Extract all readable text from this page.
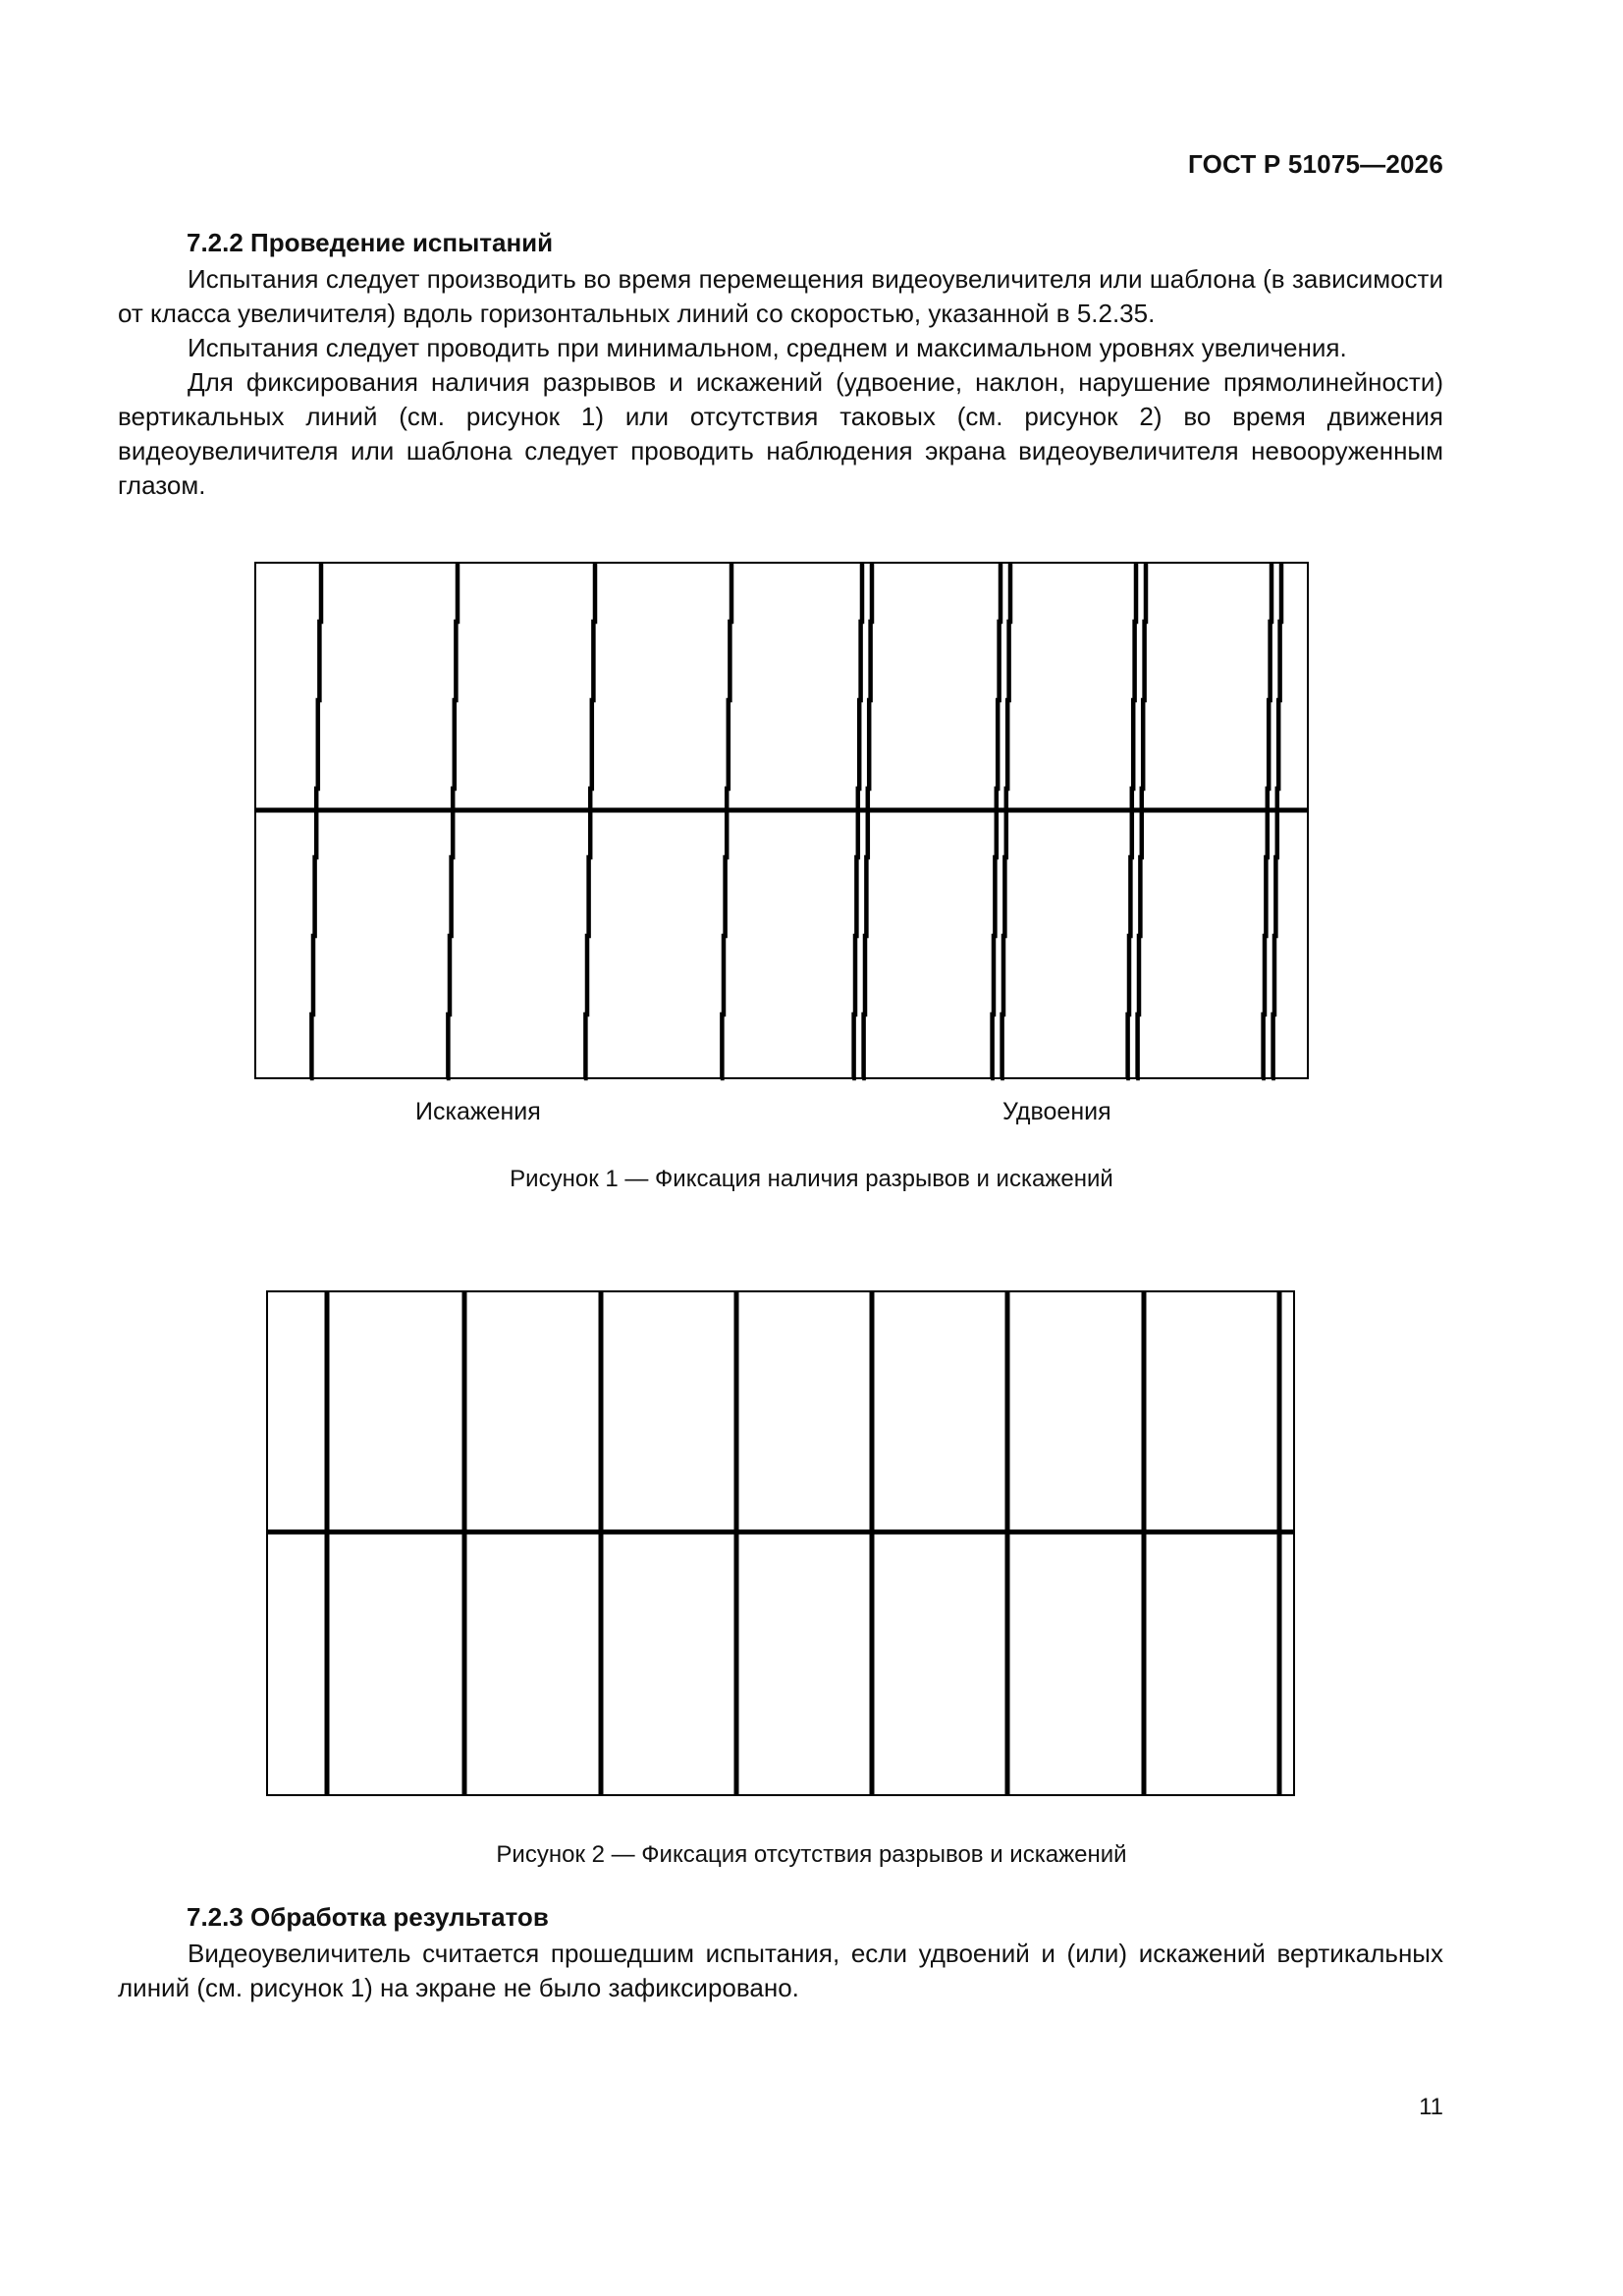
ГОСТ Р 51075—2026
7.2.2 Проведение испытаний

Испытания следует производить во время перемещения видеоувеличителя или шаблона (в зависимости от класса увеличителя) вдоль горизонтальных линий со скоростью, указанной в 5.2.35.

Испытания следует проводить при минимальном, среднем и максимальном уровнях увеличения.

Для фиксирования наличия разрывов и искажений (удвоение, наклон, нарушение прямолинейности) вертикальных линий (см. рисунок 1) или отсутствия таковых (см. рисунок 2) во время движения видеоувеличителя или шаблона следует проводить наблюдения экрана видеоувеличителя невооруженным глазом.

Искажения	Удвоения
Рисунок 1 — Фиксация наличия разрывов и искажений
Рисунок 2 — Фиксация отсутствия разрывов и искажений
7.2.3 Обработка результатов

Видеоувеличитель считается прошедшим испытания, если удвоений и (или) искажений вертикальных линий (см. рисунок 1) на экране не было зафиксировано.

11
